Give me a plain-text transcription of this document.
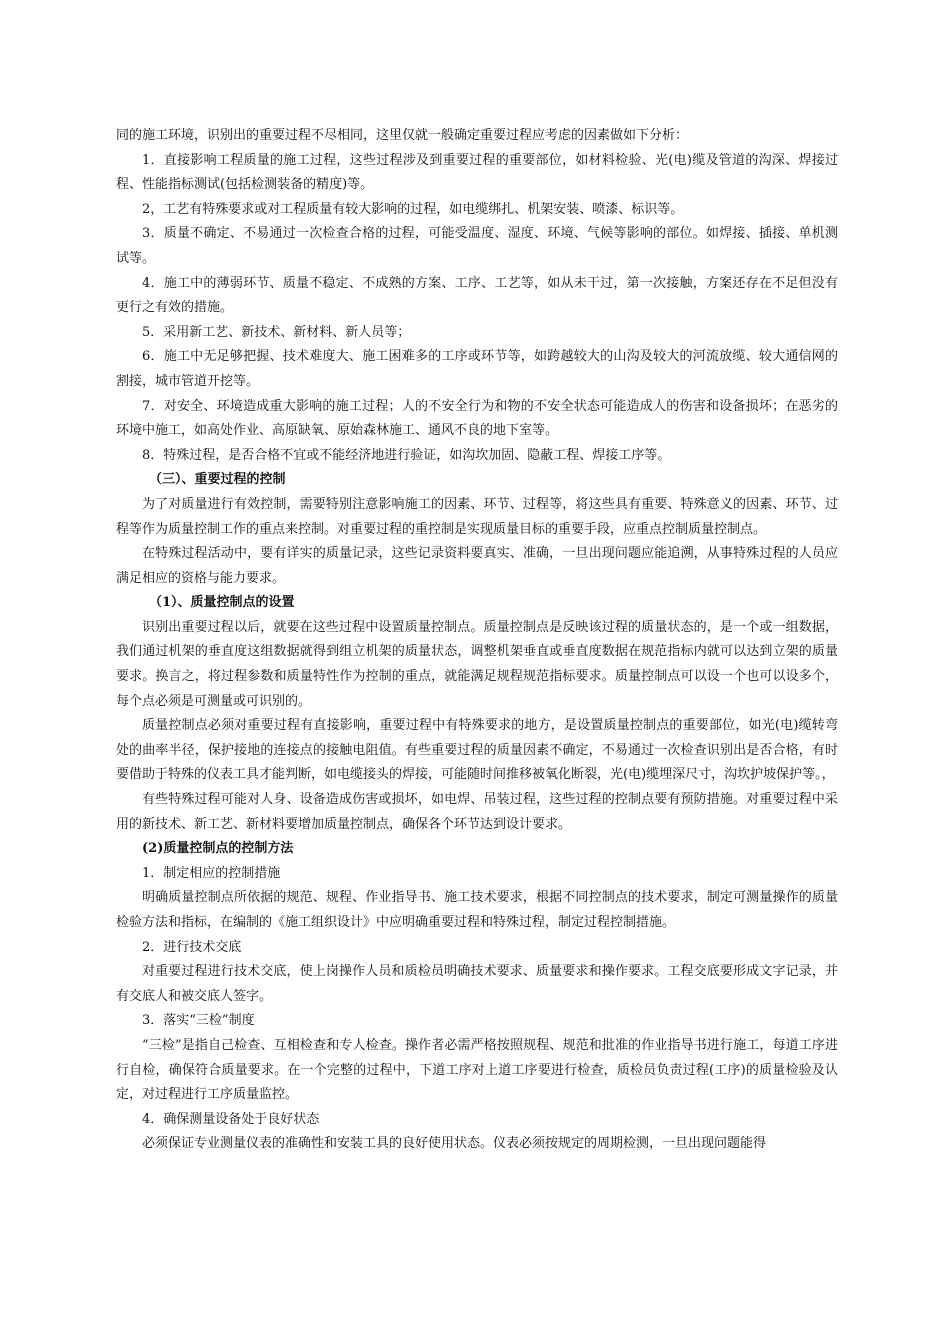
同的施工环境，识别出的重要过程不尽相同，这里仅就一般确定重要过程应考虑的因素做如下分析：

1．直接影响工程质量的施工过程，这些过程涉及到重要过程的重要部位，如材料检验、光(电)缆及管道的沟深、焊接过程、性能指标测试(包括检测装备的精度)等。

2，工艺有特殊要求或对工程质量有较大影响的过程，如电缆绑扎、机架安装、喷漆、标识等。

3．质量不确定、不易通过一次检查合格的过程，可能受温度、湿度、环境、气候等影响的部位。如焊接、插接、单机测试等。

4．施工中的薄弱环节、质量不稳定、不成熟的方案、工序、工艺等，如从未干过，第一次接触，方案还存在不足但没有更行之有效的措施。

5．采用新工艺、新技术、新材料、新人员等；

6．施工中无足够把握、技术难度大、施工困难多的工序或环节等，如跨越较大的山沟及较大的河流放缆、较大通信网的割接，城市管道开挖等。

7．对安全、环境造成重大影响的施工过程；人的不安全行为和物的不安全状态可能造成人的伤害和设备损坏；在恶劣的环境中施工，如高处作业、高原缺氧、原始森林施工、通风不良的地下室等。

8．特殊过程，是否合格不宜或不能经济地进行验证，如沟坎加固、隐蔽工程、焊接工序等。

（三）、重要过程的控制

为了对质量进行有效控制，需要特别注意影响施工的因素、环节、过程等，将这些具有重要、特殊意义的因素、环节、过程等作为质量控制工作的重点来控制。对重要过程的重控制是实现质量目标的重要手段，应重点控制质量控制点。

在特殊过程活动中，要有详实的质量记录，这些记录资料要真实、准确，一旦出现问题应能追溯，从事特殊过程的人员应满足相应的资格与能力要求。

（1）、质量控制点的设置

识别出重要过程以后，就要在这些过程中设置质量控制点。质量控制点是反映该过程的质量状态的，是一个或一组数据，我们通过机架的垂直度这组数据就得到组立机架的质量状态，调整机架垂直或垂直度数据在规范指标内就可以达到立架的质量要求。换言之，将过程参数和质量特性作为控制的重点，就能满足规程规范指标要求。质量控制点可以设一个也可以设多个，每个点必须是可测量或可识别的。

质量控制点必须对重要过程有直接影响，重要过程中有特殊要求的地方，是设置质量控制点的重要部位，如光(电)缆转弯处的曲率半径，保护接地的连接点的接触电阻值。有些重要过程的质量因素不确定，不易通过一次检查识别出是否合格，有时要借助于特殊的仪表工具才能判断，如电缆接头的焊接，可能随时间推移被氧化断裂，光(电)缆埋深尺寸，沟坎护坡保护等。，

有些特殊过程可能对人身、设备造成伤害或损坏，如电焊、吊装过程，这些过程的控制点要有预防措施。对重要过程中采用的新技术、新工艺、新材料要增加质量控制点，确保各个环节达到设计要求。

(2)质量控制点的控制方法

1．制定相应的控制措施

明确质量控制点所依据的规范、规程、作业指导书、施工技术要求，根据不同控制点的技术要求，制定可测量操作的质量检验方法和指标，在编制的《施工组织设计》中应明确重要过程和特殊过程，制定过程控制措施。

2．进行技术交底

对重要过程进行技术交底，使上岗操作人员和质检员明确技术要求、质量要求和操作要求。工程交底要形成文字记录，并有交底人和被交底人签字。

3．落实“三检”制度

“三检”是指自己检查、互相检查和专人检查。操作者必需严格按照规程、规范和批准的作业指导书进行施工，每道工序进行自检，确保符合质量要求。在一个完整的过程中，下道工序对上道工序要进行检查，质检员负责过程(工序)的质量检验及认定，对过程进行工序质量监控。

4．确保测量设备处于良好状态

必须保证专业测量仪表的准确性和安装工具的良好使用状态。仪表必须按规定的周期检测，一旦出现问题能得
